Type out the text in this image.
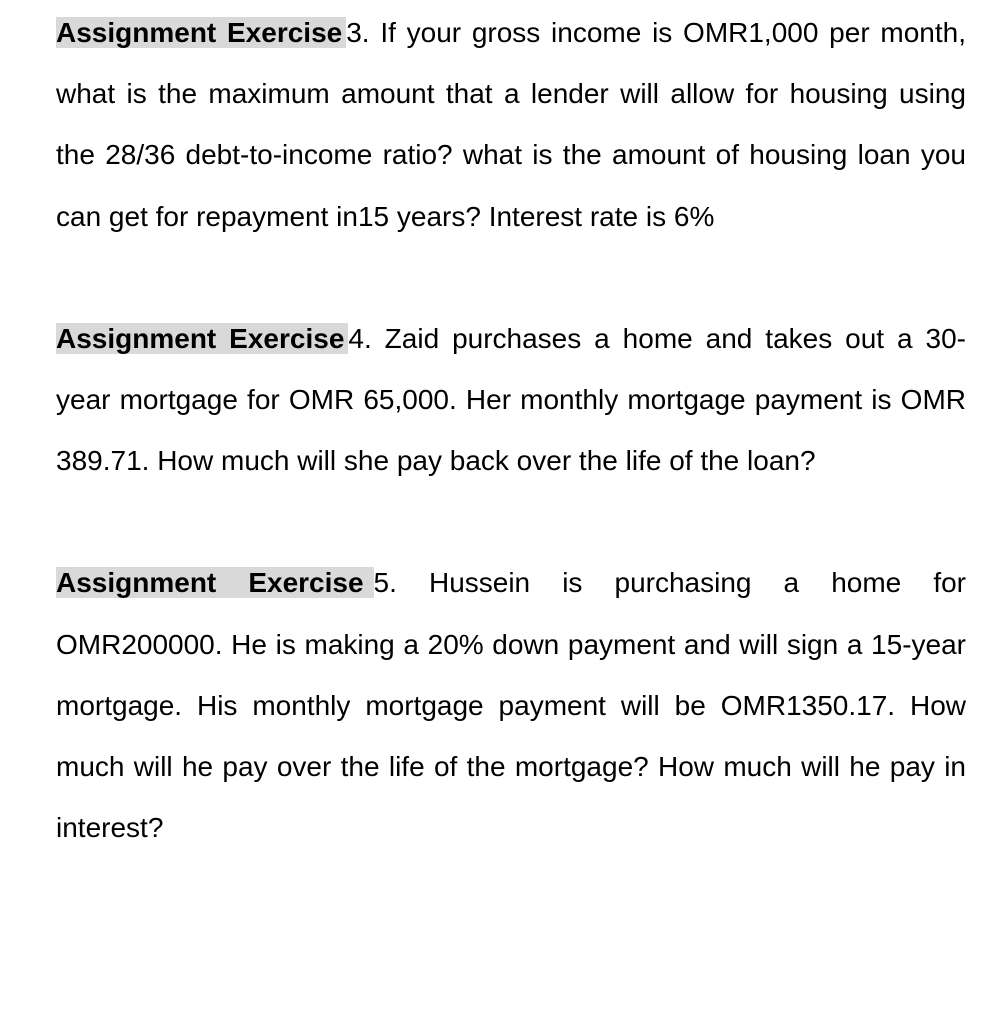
Assignment Exercise 3. If your gross income is OMR1,000 per month, what is the maximum amount that a lender will allow for housing using the 28/36 debt-to-income ratio? what is the amount of housing loan you can get for repayment in15 years? Interest rate is 6%

Assignment Exercise 4. Zaid purchases a home and takes out a 30-year mortgage for OMR 65,000. Her monthly mortgage payment is OMR 389.71. How much will she pay back over the life of the loan?

Assignment Exercise 5. Hussein is purchasing a home for OMR200000. He is making a 20% down payment and will sign a 15-year mortgage. His monthly mortgage payment will be OMR1350.17. How much will he pay over the life of the mortgage? How much will he pay in interest?
